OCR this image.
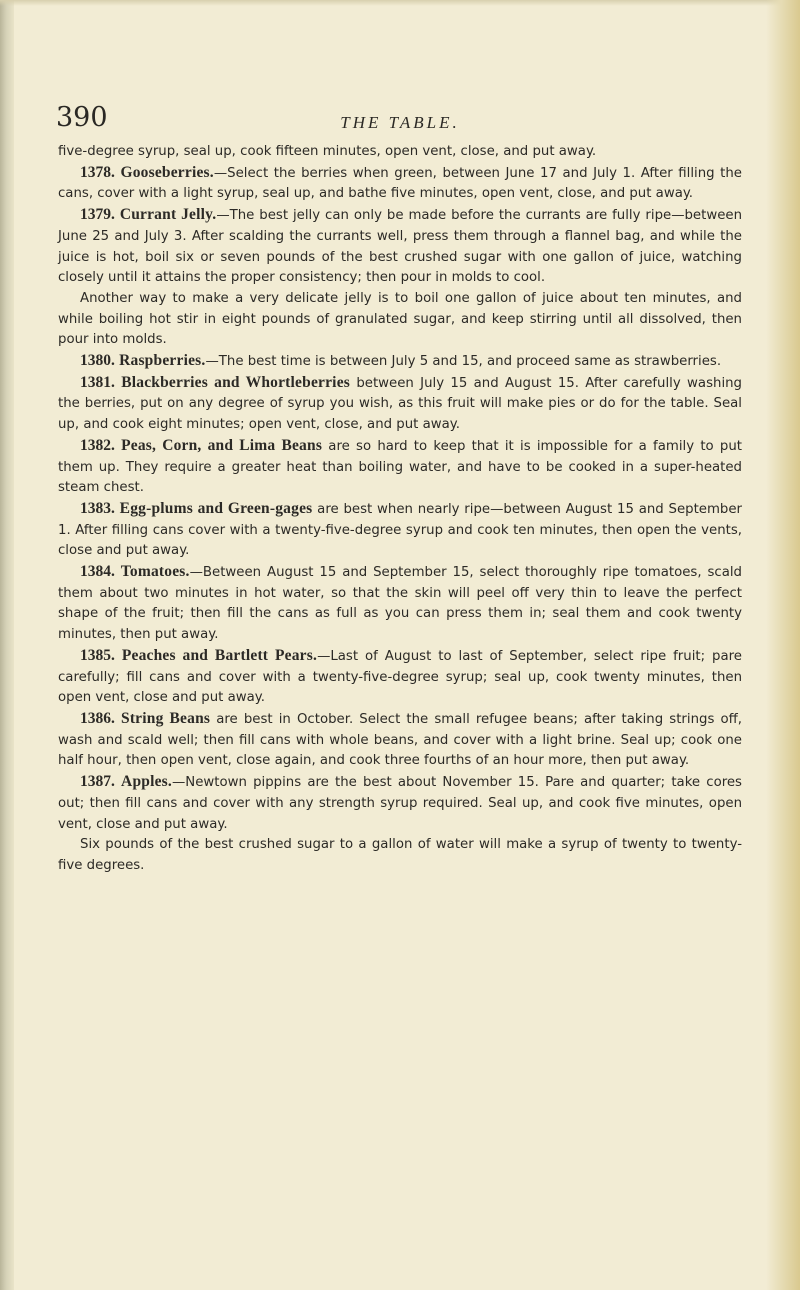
390	THE TABLE.

five-degree syrup, seal up, cook fifteen minutes, open vent, close, and put away.

1378. Gooseberries.—Select the berries when green, between June 17 and July 1. After filling the cans, cover with a light syrup, seal up, and bathe five minutes, open vent, close, and put away.

1379. Currant Jelly.—The best jelly can only be made before the currants are fully ripe—between June 25 and July 3. After scalding the currants well, press them through a flannel bag, and while the juice is hot, boil six or seven pounds of the best crushed sugar with one gallon of juice, watching closely until it attains the proper consistency; then pour in molds to cool.

Another way to make a very delicate jelly is to boil one gallon of juice about ten minutes, and while boiling hot stir in eight pounds of granulated sugar, and keep stirring until all dissolved, then pour into molds.

1380. Raspberries.—The best time is between July 5 and 15, and proceed same as strawberries.

1381. Blackberries and Whortleberries between July 15 and August 15. After carefully washing the berries, put on any degree of syrup you wish, as this fruit will make pies or do for the table. Seal up, and cook eight minutes; open vent, close, and put away.

1382. Peas, Corn, and Lima Beans are so hard to keep that it is impossible for a family to put them up. They require a greater heat than boiling water, and have to be cooked in a super-heated steam chest.

1383. Egg-plums and Green-gages are best when nearly ripe—between August 15 and September 1. After filling cans cover with a twenty-five-degree syrup and cook ten minutes, then open the vents, close and put away.

1384. Tomatoes.—Between August 15 and September 15, select thoroughly ripe tomatoes, scald them about two minutes in hot water, so that the skin will peel off very thin to leave the perfect shape of the fruit; then fill the cans as full as you can press them in; seal them and cook twenty minutes, then put away.

1385. Peaches and Bartlett Pears.—Last of August to last of September, select ripe fruit; pare carefully; fill cans and cover with a twenty-five-degree syrup; seal up, cook twenty minutes, then open vent, close and put away.

1386. String Beans are best in October. Select the small refugee beans; after taking strings off, wash and scald well; then fill cans with whole beans, and cover with a light brine. Seal up; cook one half hour, then open vent, close again, and cook three fourths of an hour more, then put away.

1387. Apples.—Newtown pippins are the best about November 15. Pare and quarter; take cores out; then fill cans and cover with any strength syrup required. Seal up, and cook five minutes, open vent, close and put away.

Six pounds of the best crushed sugar to a gallon of water will make a syrup of twenty to twenty-five degrees.
